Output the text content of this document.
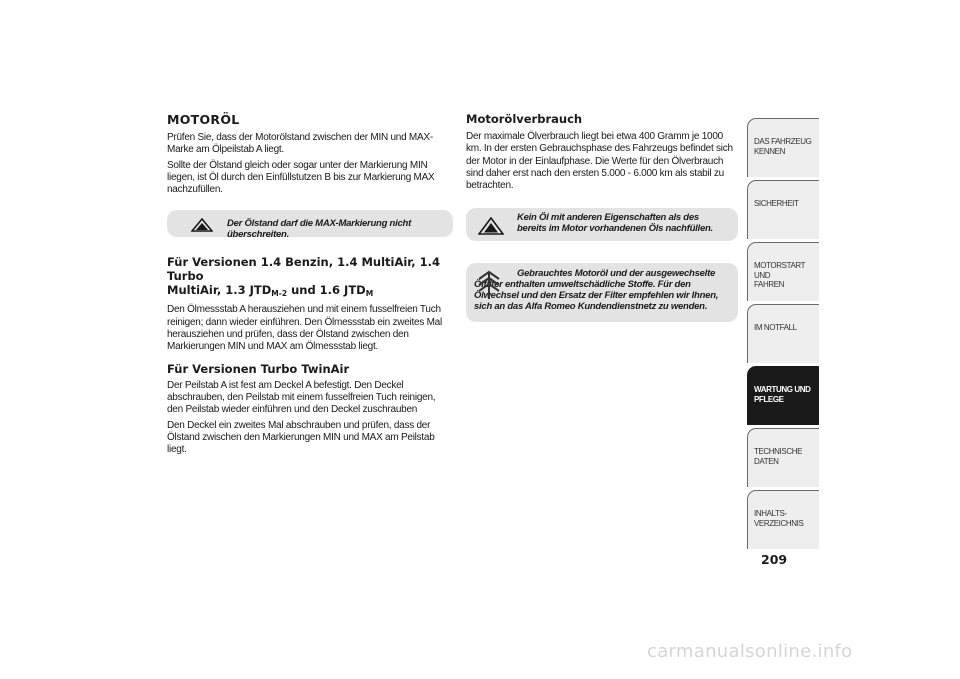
MOTORÖL

Prüfen Sie, dass der Motorölstand zwischen der MIN und MAX-Marke am Ölpeilstab A liegt.

Sollte der Ölstand gleich oder sogar unter der Markierung MIN liegen, ist Öl durch den Einfüllstutzen B bis zur Markierung MAX nachzufüllen.

Der Ölstand darf die MAX-Markierung nicht überschreiten.
Für Versionen 1.4 Benzin, 1.4 MultiAir, 1.4 Turbo
MultiAir, 1.3 $JTD_{M-2}$ und 1.6 $JTD_M$

Den Ölmessstab A herausziehen und mit einem fusselfreien Tuch reinigen; dann wieder einführen. Den Ölmessstab ein zweites Mal herausziehen und prüfen, dass der Ölstand zwischen den Markierungen MIN und MAX am Ölmessstab liegt.

Für Versionen Turbo TwinAir

Der Peilstab A ist fest am Deckel A befestigt. Den Deckel abschrauben, den Peilstab mit einem fusselfreien Tuch reinigen, den Peilstab wieder einführen und den Deckel zuschrauben

Den Deckel ein zweites Mal abschrauben und prüfen, dass der Ölstand zwischen den Markierungen MIN und MAX am Peilstab liegt.

Motorölverbrauch

Der maximale Ölverbrauch liegt bei etwa 400 Gramm je 1000 km. In der ersten Gebrauchsphase des Fahrzeugs befindet sich der Motor in der Einlaufphase. Die Werte für den Ölverbrauch sind daher erst nach den ersten 5.000 - 6.000 km als stabil zu betrachten.

Kein Öl mit anderen Eigenschaften als des bereits im Motor vorhandenen Öls nachfüllen.
Gebrauchtes Motoröl und der ausgewechselte Ölfilter enthalten umweltschädliche Stoffe. Für den Ölwechsel und den Ersatz der Filter empfehlen wir Ihnen, sich an das Alfa Romeo Kundendienstnetz zu wenden.
DAS FAHRZEUG
KENNEN
SICHERHEIT
MOTORSTART UND
FAHREN
IM NOTFALL
WARTUNG UND
PFLEGE
TECHNISCHE DATEN
INHALTS-
VERZEICHNIS
209
carmanualsonline.info
